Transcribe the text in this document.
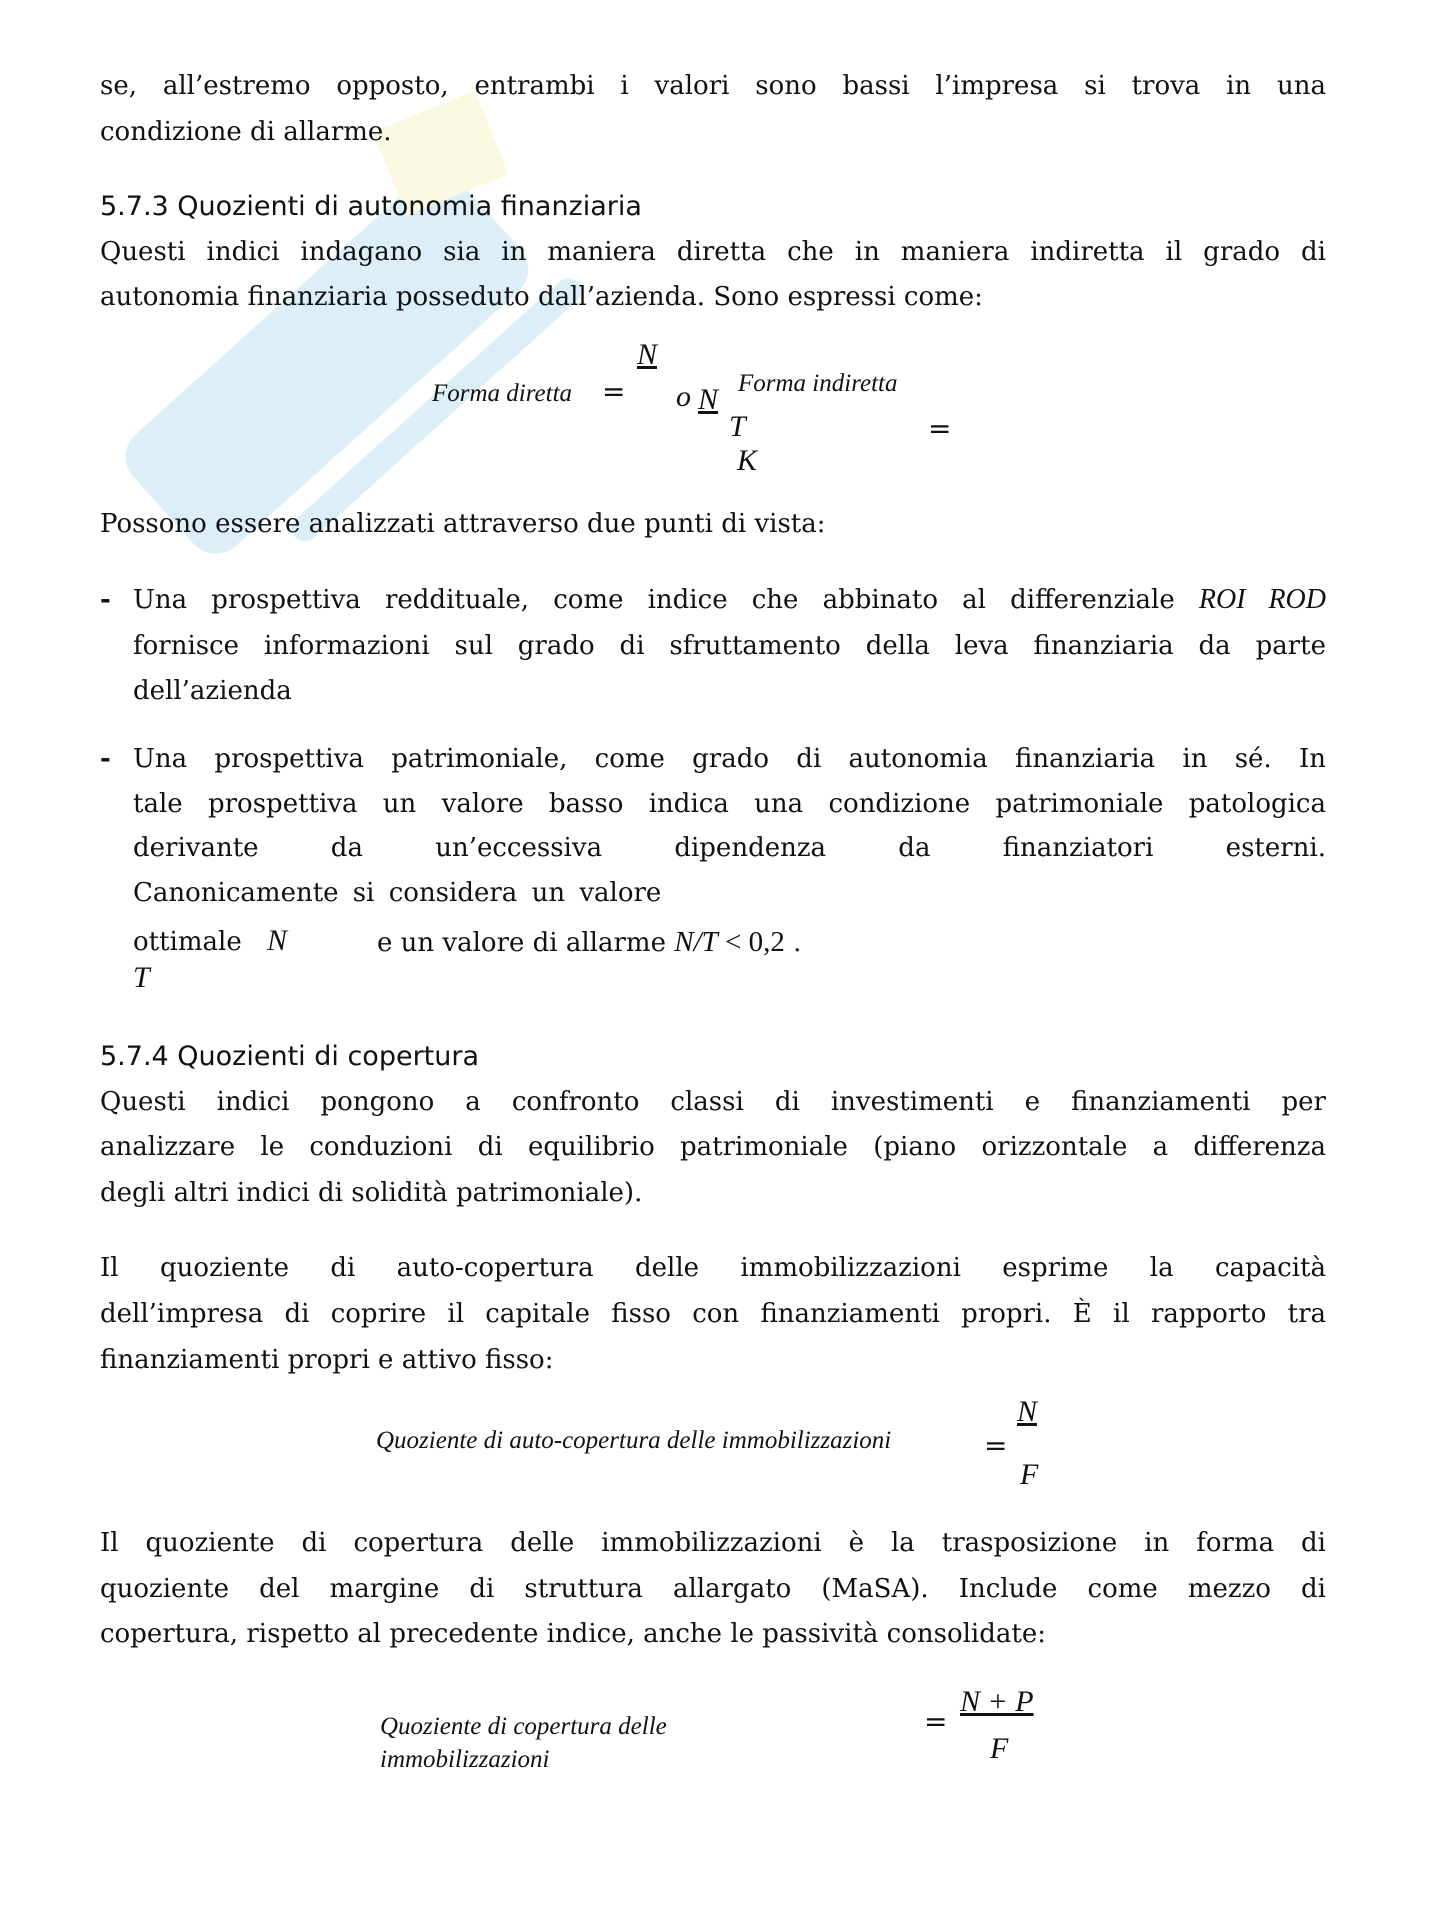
se, all’estremo opposto, entrambi i valori sono bassi l’impresa si trova in una
condizione di allarme.
5.7.3 Quozienti di autonomia finanziaria
Questi indici indagano sia in maniera diretta che in maniera indiretta il grado di
autonomia finanziaria posseduto dall’azienda. Sono espressi come:
Forma diretta =
N
o N Forma indiretta
T
K
=
Possono essere analizzati attraverso due punti di vista:
- Una prospettiva reddituale, come indice che abbinato al differenziale ROI ROD
fornisce informazioni sul grado di sfruttamento della leva finanziaria da parte
dell’azienda
- Una prospettiva patrimoniale, come grado di autonomia finanziaria in sé. In
tale prospettiva un valore basso indica una condizione patrimoniale patologica
derivante da un’eccessiva dipendenza da finanziatori esterni.
Canonicamente si considera un valore
ottimale N
T
e un valore di allarme N/T < 0,2 .
5.7.4 Quozienti di copertura
Questi indici pongono a confronto classi di investimenti e finanziamenti per
analizzare le conduzioni di equilibrio patrimoniale (piano orizzontale a differenza
degli altri indici di solidità patrimoniale).
Il quoziente di auto-copertura delle immobilizzazioni esprime la capacità
dell’impresa di coprire il capitale fisso con finanziamenti propri. È il rapporto tra
finanziamenti propri e attivo fisso:
Quoziente di auto-copertura delle immobilizzazioni	=
N
F
Il quoziente di copertura delle immobilizzazioni è la trasposizione in forma di
quoziente del margine di struttura allargato (MaSA). Include come mezzo di
copertura, rispetto al precedente indice, anche le passività consolidate:
Quoziente di copertura delle
immobilizzazioni
=
N + P
F
